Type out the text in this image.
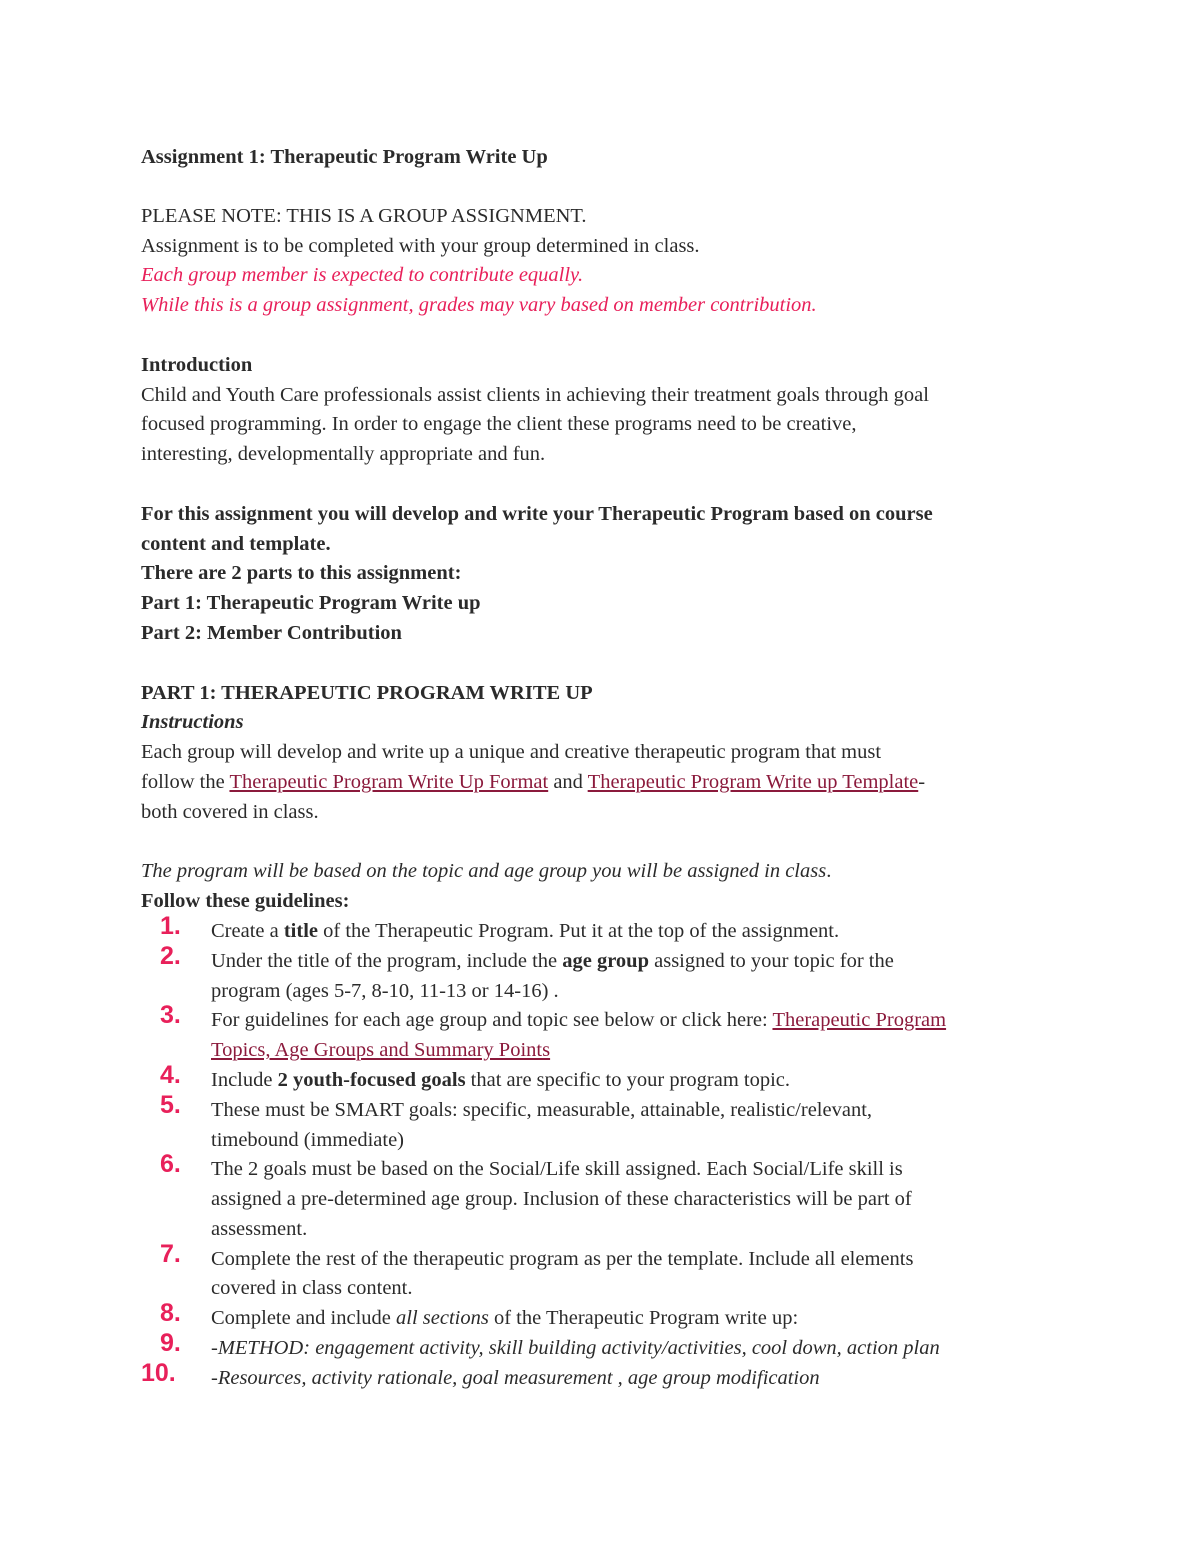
Assignment 1: Therapeutic Program Write Up
PLEASE NOTE: THIS IS A GROUP ASSIGNMENT.
Assignment is to be completed with your group determined in class.
Each group member is expected to contribute equally.
While this is a group assignment, grades may vary based on member contribution.
Introduction
Child and Youth Care professionals assist clients in achieving their treatment goals through goal
focused programming. In order to engage the client these programs need to be creative,
interesting, developmentally appropriate and fun.
For this assignment you will develop and write your Therapeutic Program based on course
content and template.
There are 2 parts to this assignment:
Part 1: Therapeutic Program Write up
Part 2: Member Contribution
PART 1: THERAPEUTIC PROGRAM WRITE UP
Instructions
Each group will develop and write up a unique and creative therapeutic program that must
follow the Therapeutic Program Write Up Format and Therapeutic Program Write up Template-
both covered in class.
The program will be based on the topic and age group you will be assigned in class.
Follow these guidelines:
1. Create a title of the Therapeutic Program. Put it at the top of the assignment.
2. Under the title of the program, include the age group assigned to your topic for the
program (ages 5-7, 8-10, 11-13 or 14-16) .
3. For guidelines for each age group and topic see below or click here: Therapeutic Program
Topics, Age Groups and Summary Points
4. Include 2 youth-focused goals that are specific to your program topic.
5. These must be SMART goals: specific, measurable, attainable, realistic/relevant,
timebound (immediate)
6. The 2 goals must be based on the Social/Life skill assigned. Each Social/Life skill is
assigned a pre-determined age group. Inclusion of these characteristics will be part of
assessment.
7. Complete the rest of the therapeutic program as per the template. Include all elements
covered in class content.
8. Complete and include all sections of the Therapeutic Program write up:
9. -METHOD: engagement activity, skill building activity/activities, cool down, action plan
10. -Resources, activity rationale, goal measurement , age group modification
